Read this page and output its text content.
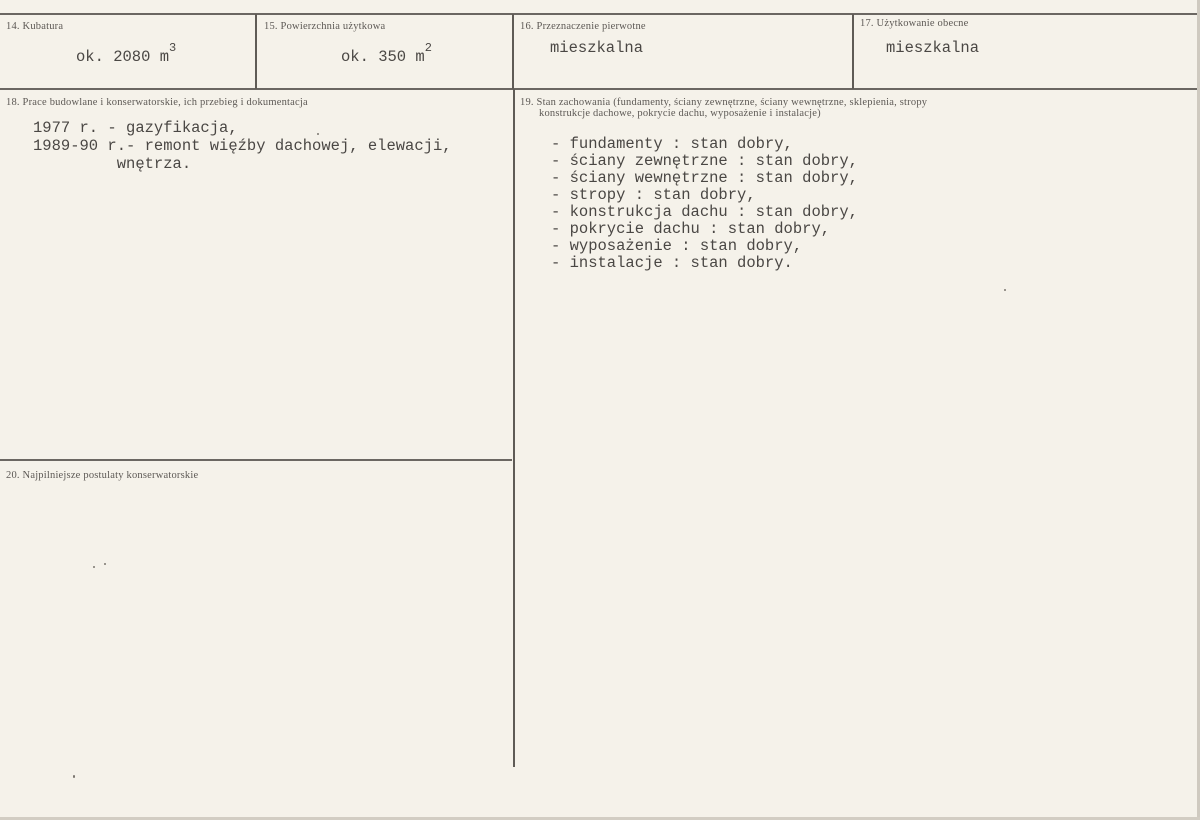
14. Kubatura
ok. 2080 $m^3$
15. Powierzchnia użytkowa
ok. 350 $m^2$
16. Przeznaczenie pierwotne
mieszkalna
17. Użytkowanie obecne
mieszkalna
18. Prace budowlane i konserwatorskie, ich przebieg i dokumentacja
1977 r. - gazyfikacja,
1989-90 r.- remont więźby dachowej, elewacji,
wnętrza.
19. Stan zachowania (fundamenty, ściany zewnętrzne, ściany wewnętrzne, sklepienia, stropy
konstrukcje dachowe, pokrycie dachu, wyposażenie i instalacje)
- fundamenty : stan dobry,
- ściany zewnętrzne : stan dobry,
- ściany wewnętrzne : stan dobry,
- stropy : stan dobry,
- konstrukcja dachu : stan dobry,
- pokrycie dachu : stan dobry,
- wyposażenie : stan dobry,
- instalacje : stan dobry.
20. Najpilniejsze postulaty konserwatorskie
